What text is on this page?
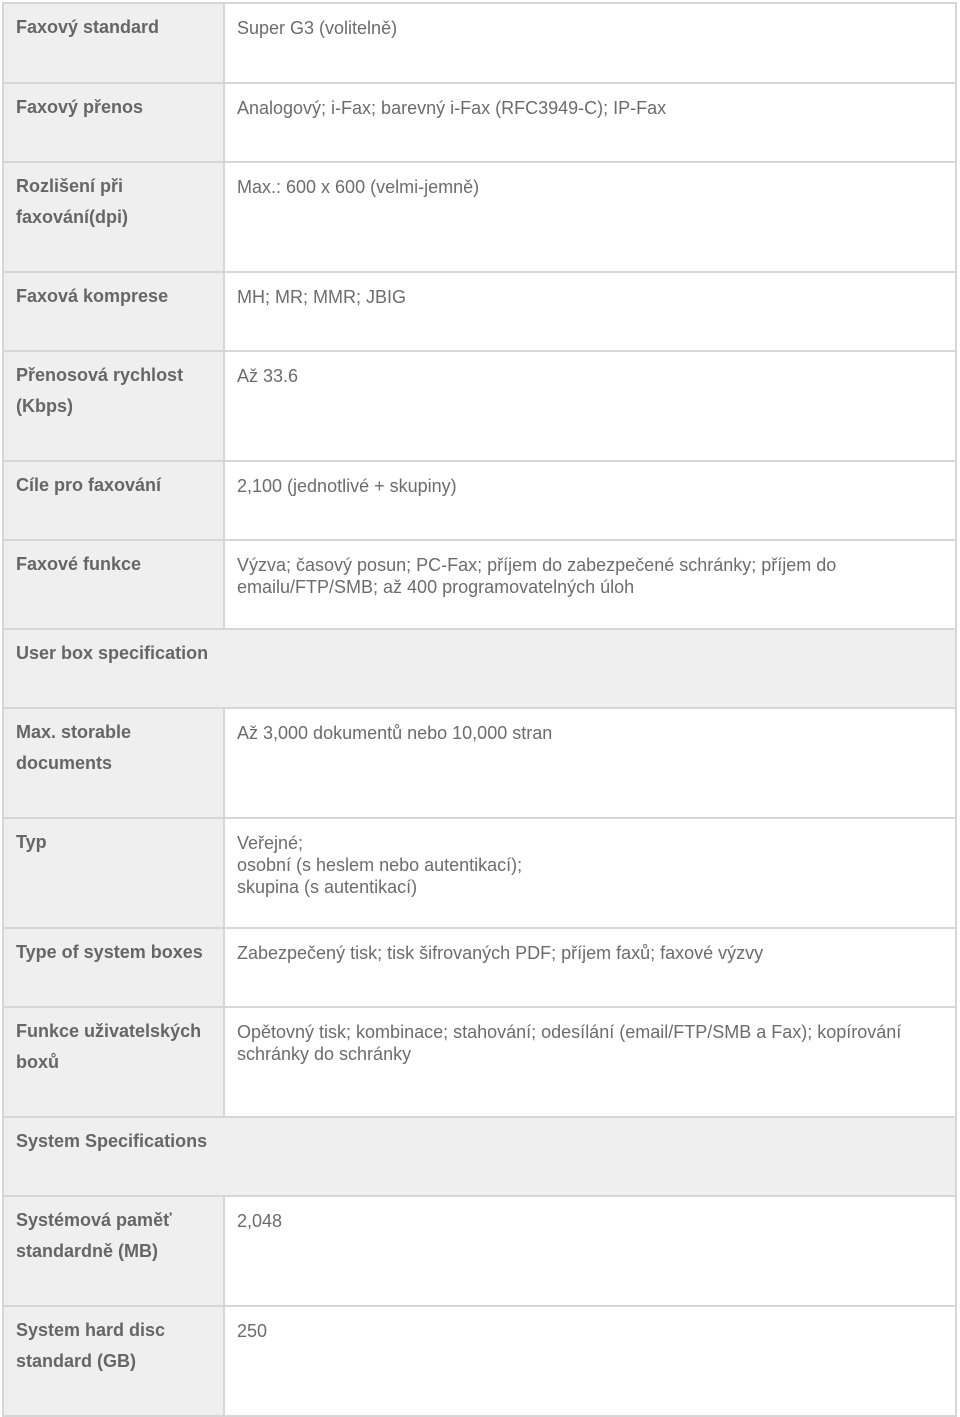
Faxový standard	Super G3 (volitelně)
Faxový přenos	Analogový; i-Fax; barevný i-Fax (RFC3949-C); IP-Fax
Rozlišení při faxování(dpi)	Max.: 600 x 600 (velmi-jemně)
Faxová komprese	MH; MR; MMR; JBIG
Přenosová rychlost (Kbps)	Až 33.6
Cíle pro faxování	2,100 (jednotlivé + skupiny)
Faxové funkce	Výzva; časový posun; PC-Fax; příjem do zabezpečené schránky; příjem do emailu/FTP/SMB; až 400 programovatelných úloh
User box specification	
Max. storable documents	Až 3,000 dokumentů nebo 10,000 stran
Typ	Veřejné;
osobní (s heslem nebo autentikací);
skupina (s autentikací)

Type of system boxes	Zabezpečený tisk; tisk šifrovaných PDF; příjem faxů; faxové výzvy
Funkce uživatelských boxů	Opětovný tisk; kombinace; stahování; odesílání (email/FTP/SMB a Fax); kopírování schránky do schránky
System Specifications	
Systémová paměť standardně (MB)	2,048
System hard disc standard (GB)	250
